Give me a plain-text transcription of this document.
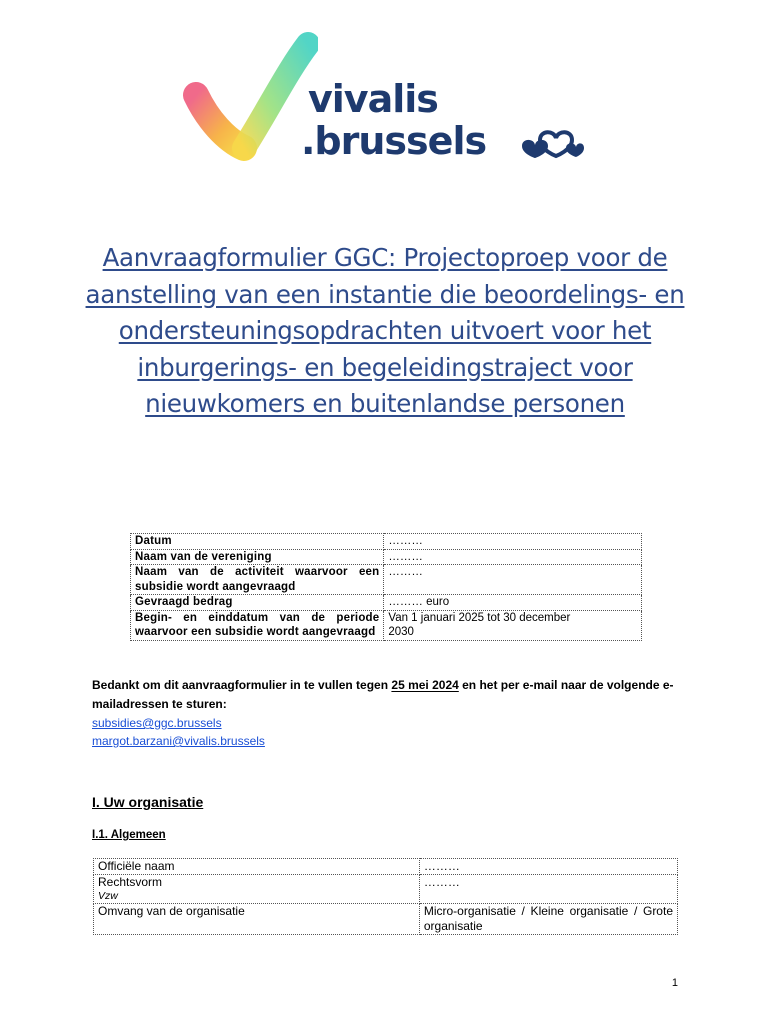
vivalis
.brussels
Aanvraagformulier GGC: Projectoproep voor de aanstelling van een instantie die beoordelings- en ondersteuningsopdrachten uitvoert voor het inburgerings- en begeleidingstraject voor nieuwkomers en buitenlandse personen
Datum	………
Naam van de vereniging	………
Naam van de activiteit waarvoor een subsidie wordt aangevraagd	………
Gevraagd bedrag	……… euro
Begin- en einddatum van de periode waarvoor een subsidie wordt aangevraagd	Van 1 januari 2025 tot 30 december 2030
Bedankt om dit aanvraagformulier in te vullen tegen 25 mei 2024 en het per e-mail naar de volgende e-mailadressen te sturen:
subsidies@ggc.brussels
margot.barzani@vivalis.brussels
I. Uw organisatie
I.1. Algemeen
Officiële naam	………
Rechtsvorm
Vzw	………
Omvang van de organisatie	Micro-organisatie / Kleine organisatie / Grote organisatie
1
